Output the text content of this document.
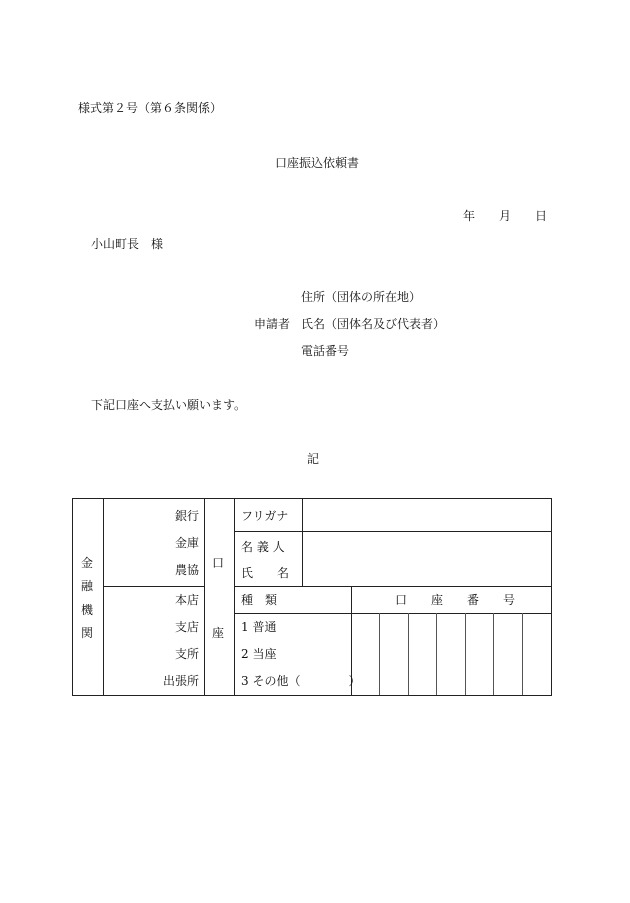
様式第２号（第６条関係）
口座振込依頼書
年 月 日
小山町長　様
住所（団体の所在地）
申請者 氏名（団体名及び代表者）
電話番号
下記口座へ支払い願います。
記
金
融
機
関
銀行
金庫
農協
本店
支店
支所
出張所
口
座
フリガナ
名 義 人
氏　　名
種　類
1 普通
2 当座
3 その他（　　　　）
口　　座　　番　　号
